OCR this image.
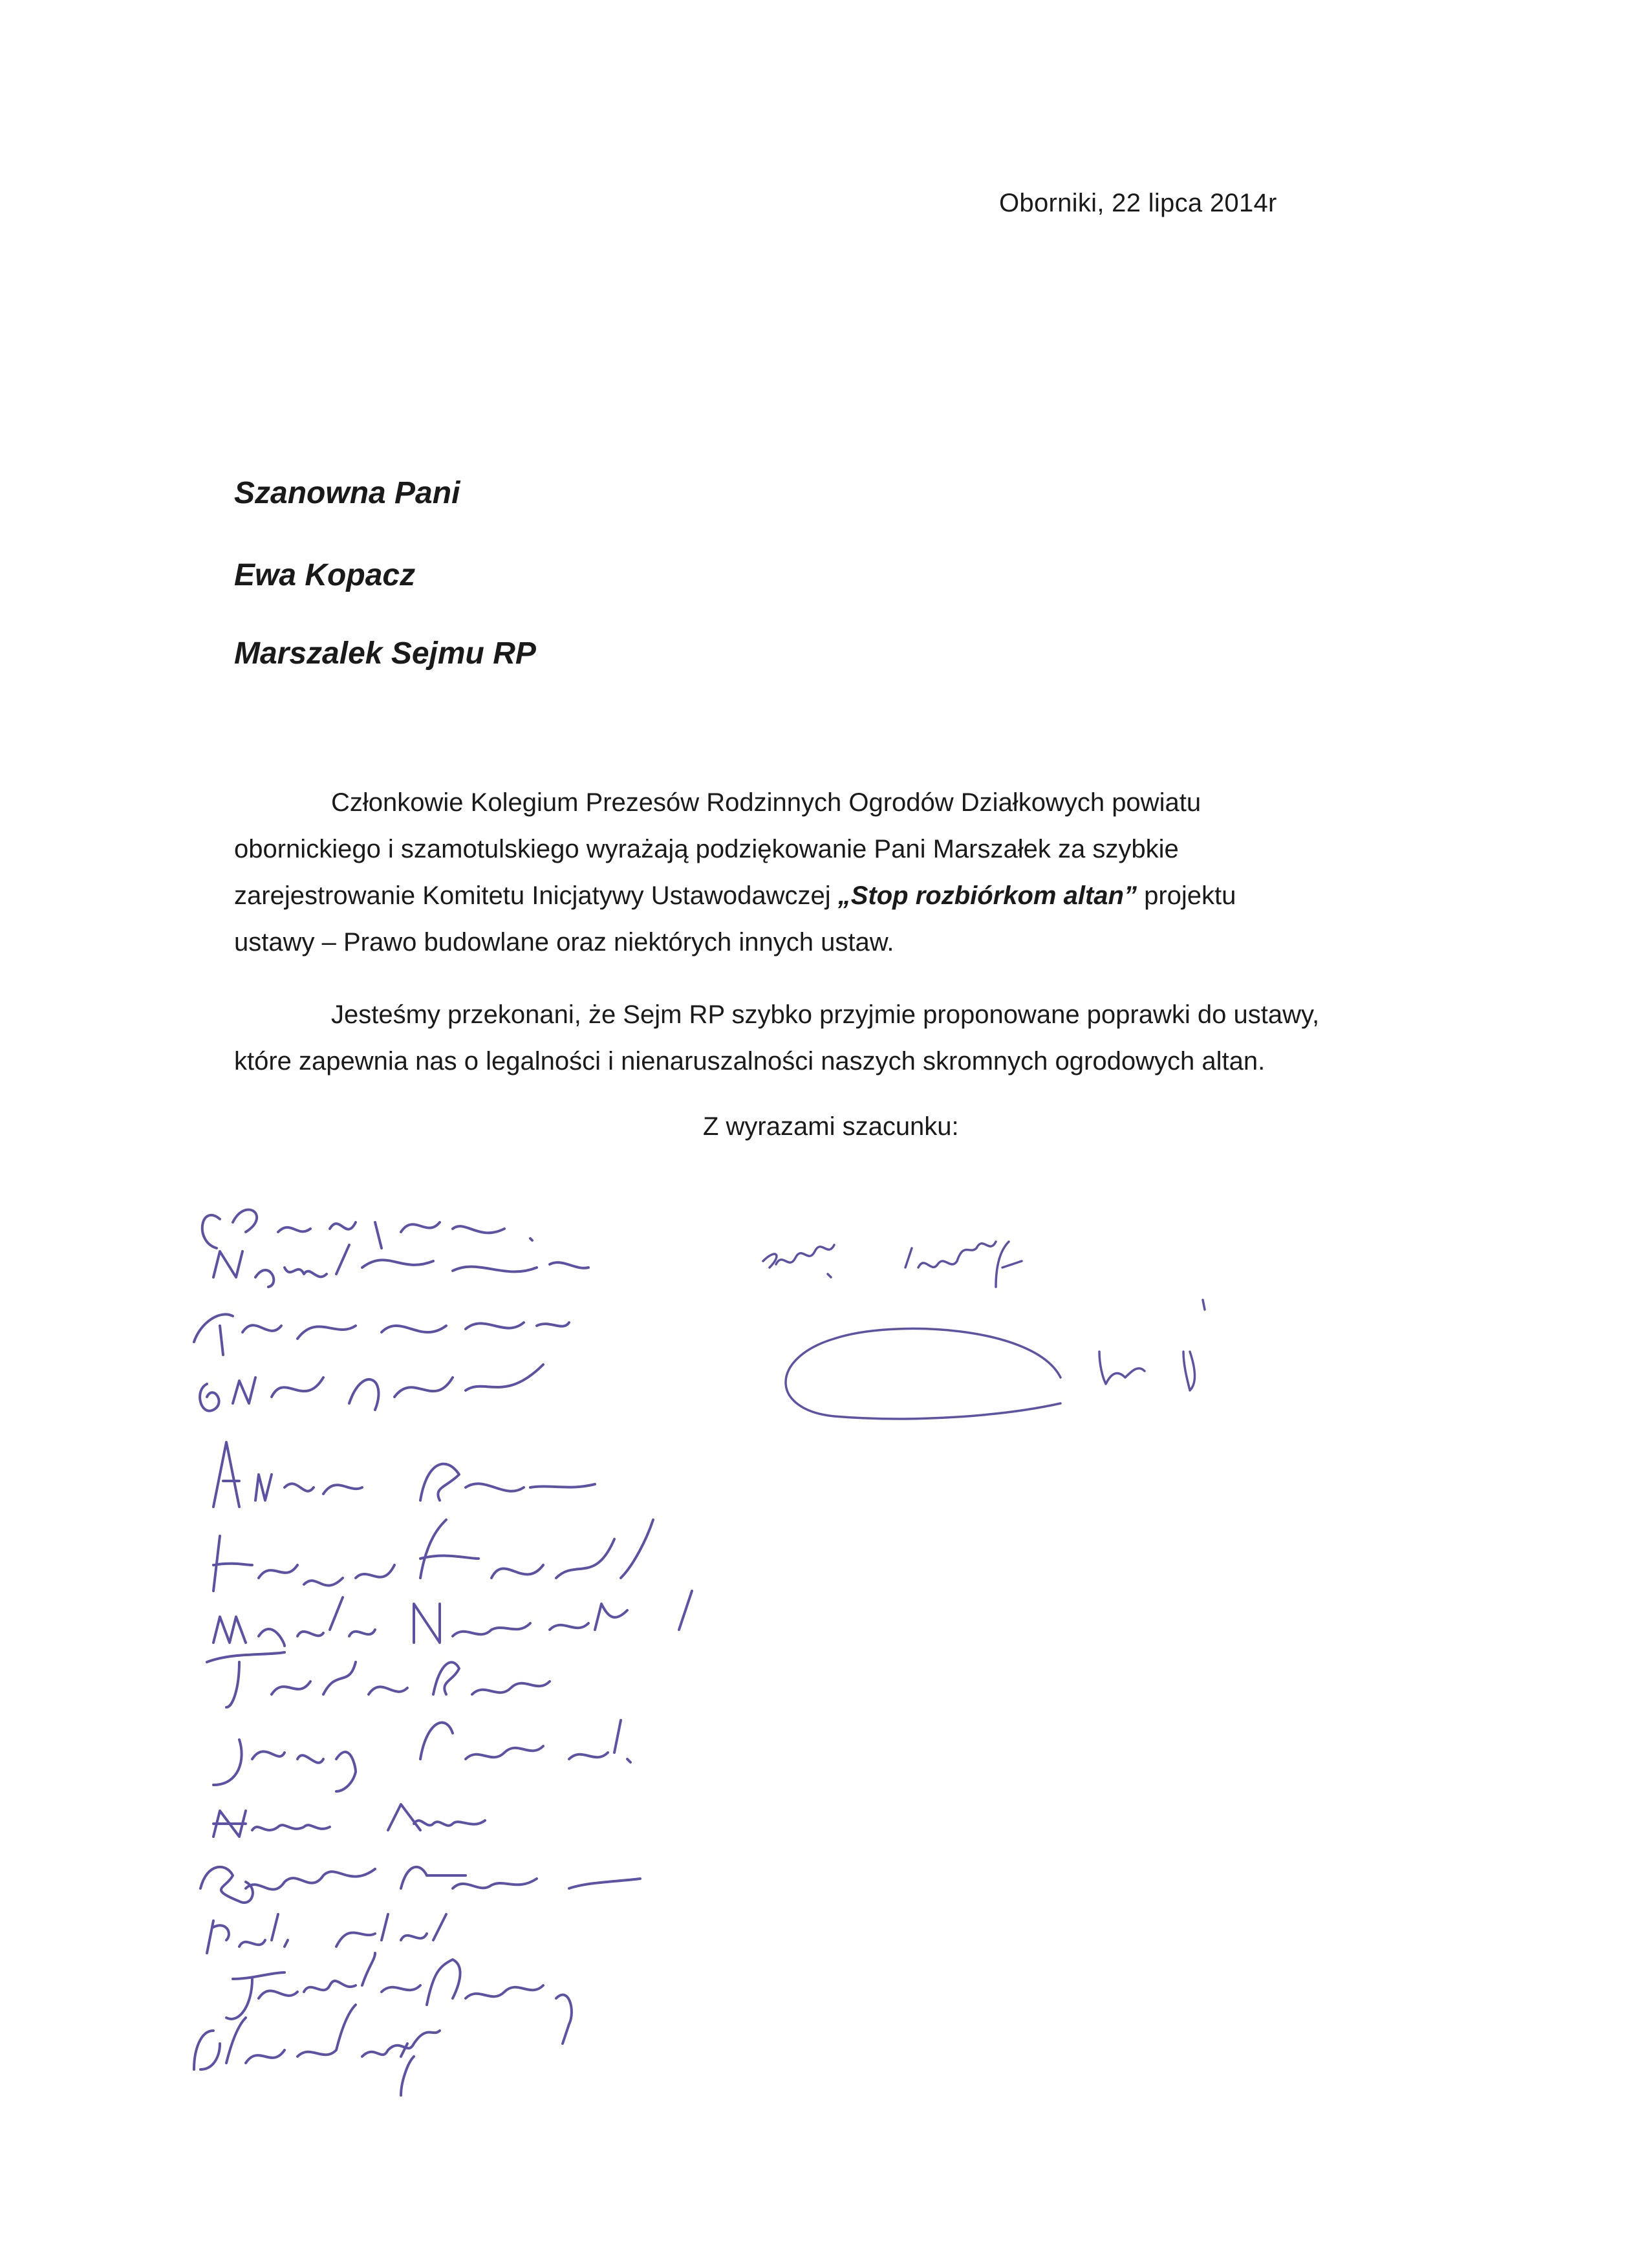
Oborniki, 22 lipca 2014r
Szanowna Pani
Ewa Kopacz
Marszalek Sejmu RP
Członkowie Kolegium Prezesów Rodzinnych Ogrodów Działkowych powiatu
obornickiego i szamotulskiego wyrażają podziękowanie Pani Marszałek za szybkie
zarejestrowanie Komitetu Inicjatywy Ustawodawczej „Stop rozbiórkom altan” projektu
ustawy – Prawo budowlane oraz niektórych innych ustaw.
Jesteśmy przekonani, że Sejm RP szybko przyjmie proponowane poprawki do ustawy,
które zapewnia nas o legalności i nienaruszalności naszych skromnych ogrodowych altan.
Z wyrazami szacunku:
